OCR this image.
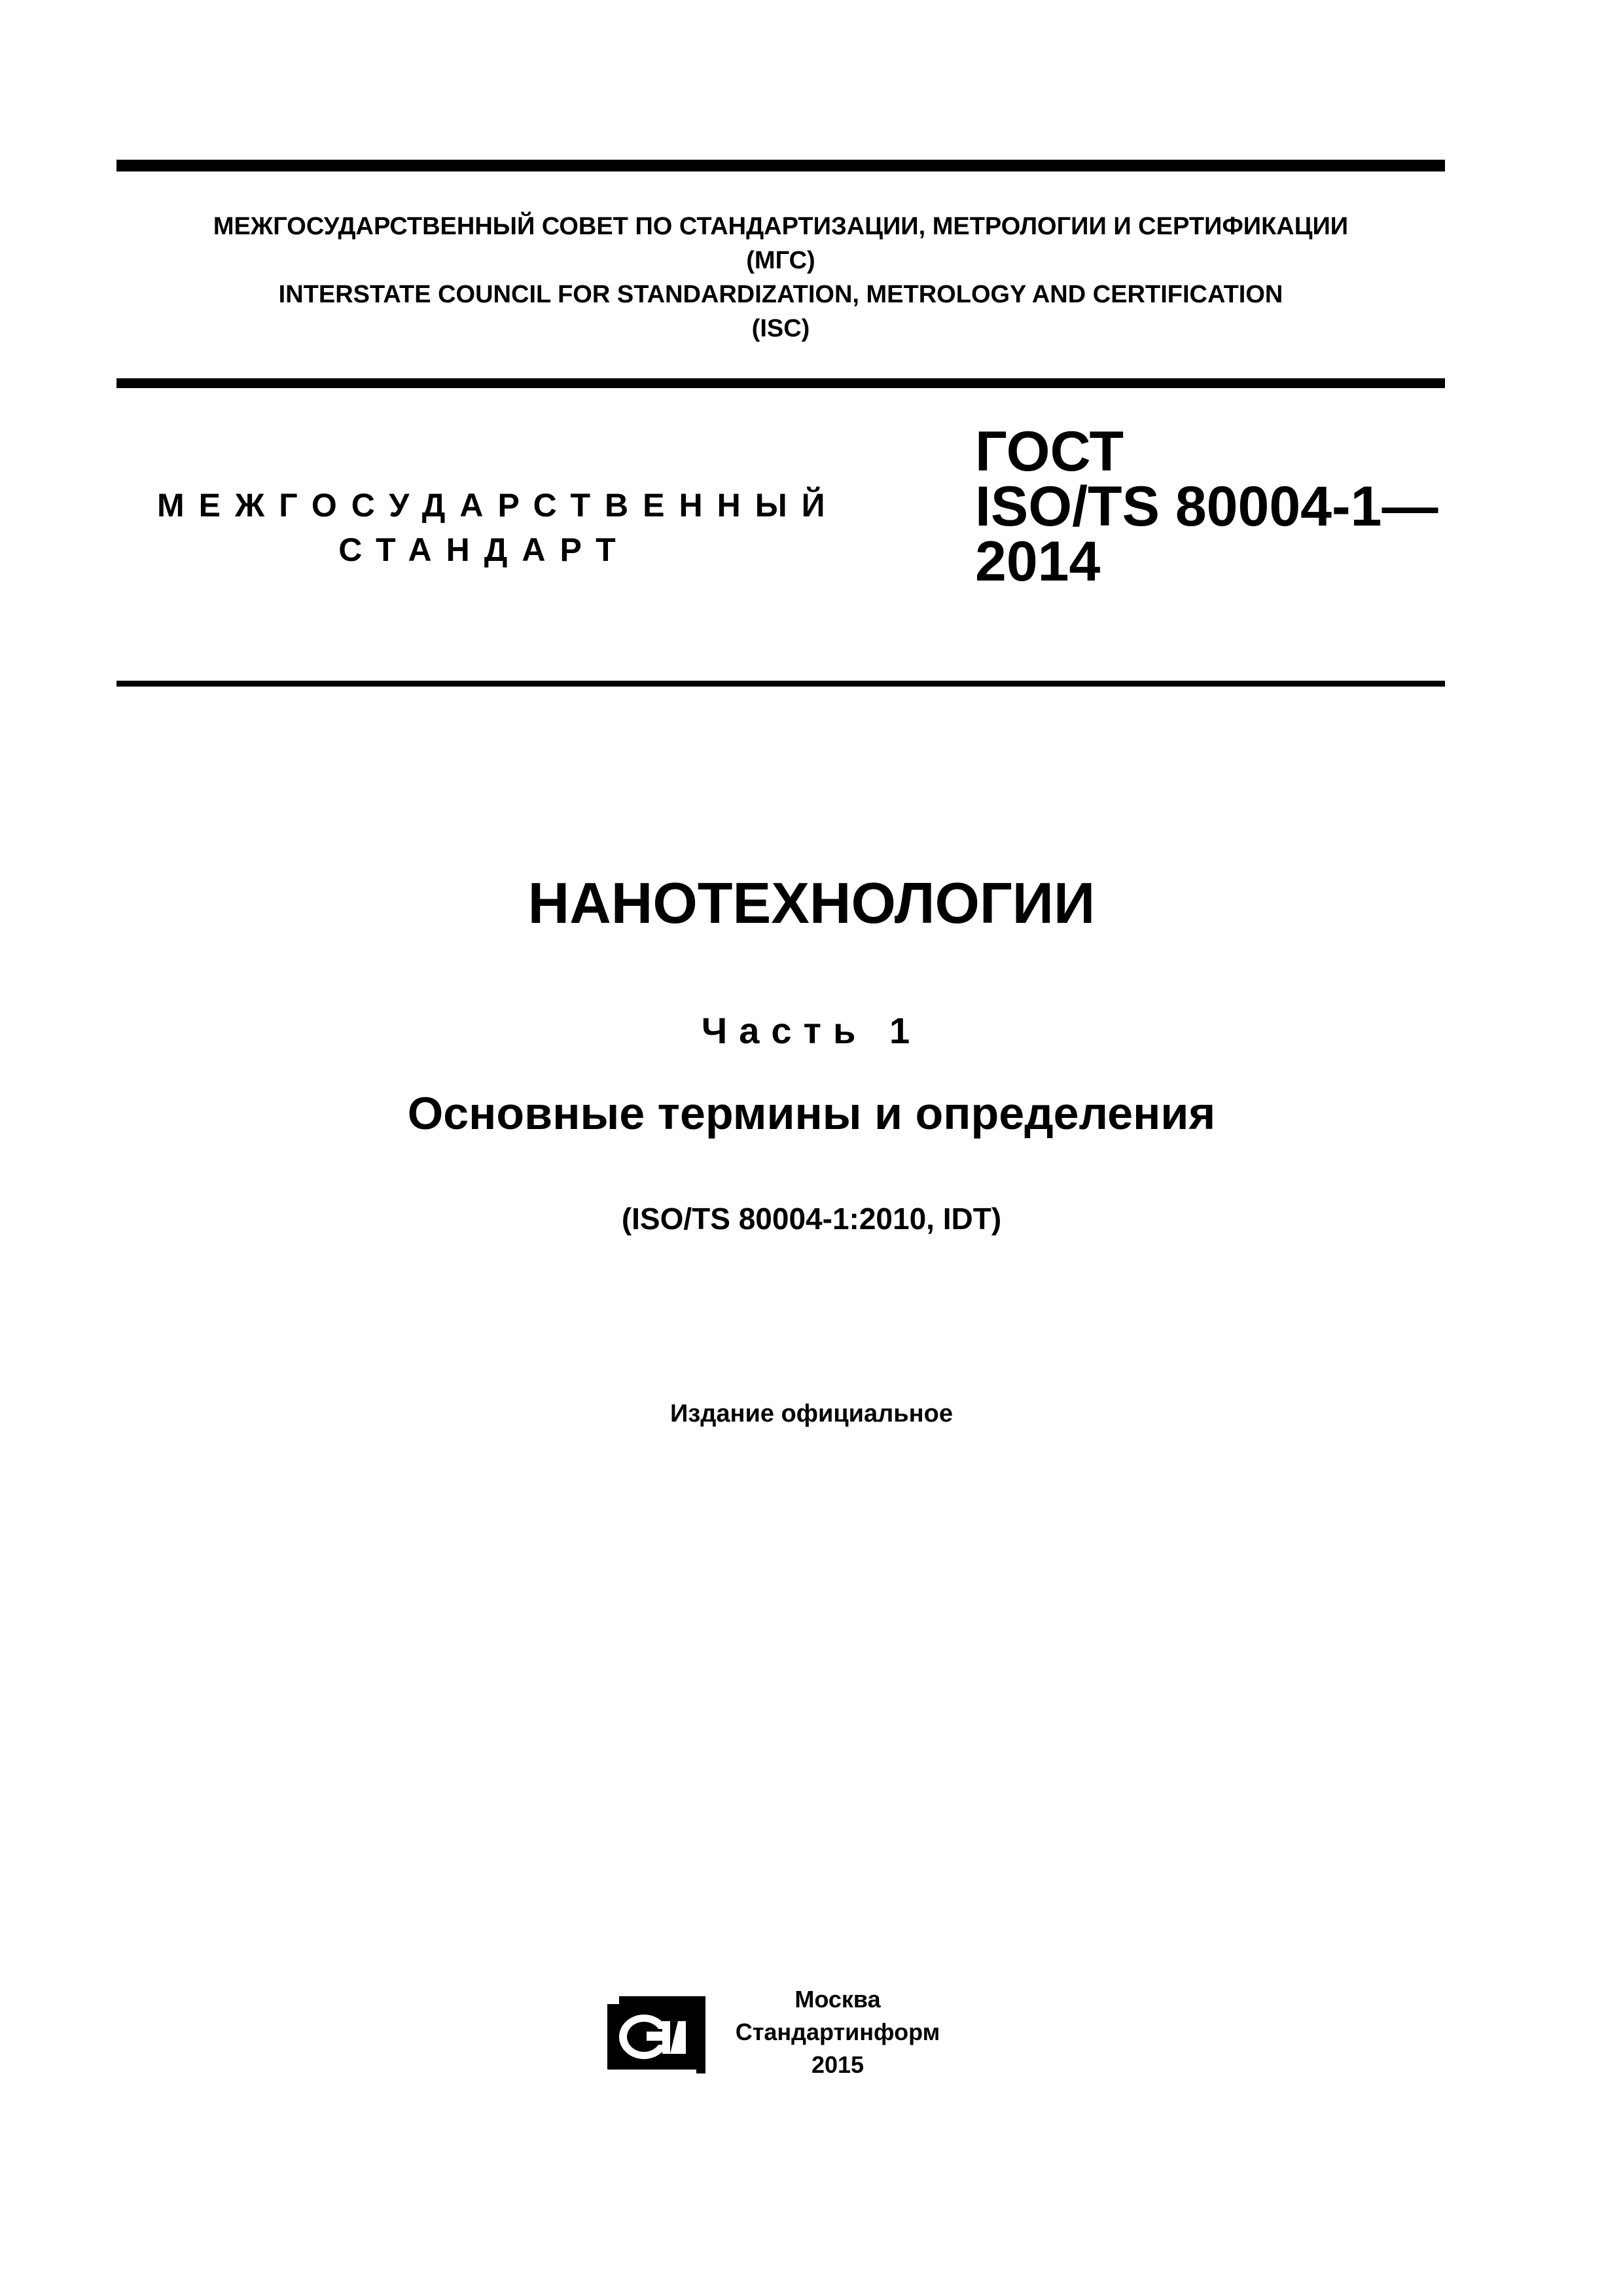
МЕЖГОСУДАРСТВЕННЫЙ СОВЕТ ПО СТАНДАРТИЗАЦИИ, МЕТРОЛОГИИ И СЕРТИФИКАЦИИ
(МГС)
INTERSTATE COUNCIL FOR STANDARDIZATION, METROLOGY AND CERTIFICATION
(ISC)
МЕЖГОСУДАРСТВЕННЫЙ
СТАНДАРТ
ГОСТ
ISO/TS 80004-1—
2014
НАНОТЕХНОЛОГИИ
Часть 1
Основные термины и определения
(ISO/TS 80004-1:2010, IDT)
Издание официальное
Москва
Стандартинформ
2015
